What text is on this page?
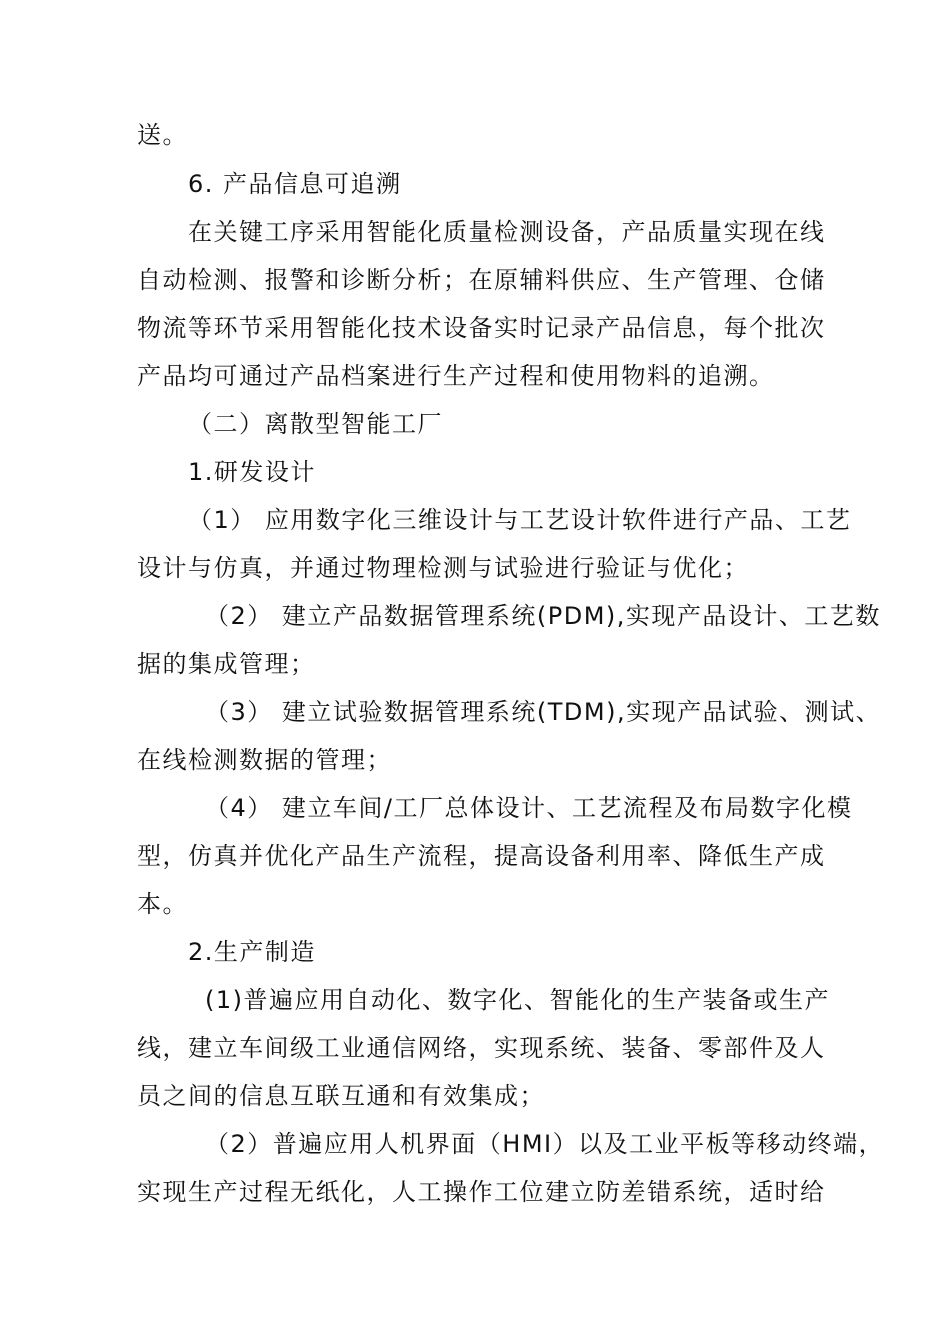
送。
6. 产品信息可追溯
在关键工序采用智能化质量检测设备，产品质量实现在线
自动检测、报警和诊断分析；在原辅料供应、生产管理、仓储
物流等环节采用智能化技术设备实时记录产品信息，每个批次
产品均可通过产品档案进行生产过程和使用物料的追溯。
（二）离散型智能工厂
1.研发设计
（1） 应用数字化三维设计与工艺设计软件进行产品、工艺
设计与仿真，并通过物理检测与试验进行验证与优化；
（2） 建立产品数据管理系统(PDM),实现产品设计、工艺数
据的集成管理；
（3） 建立试验数据管理系统(TDM),实现产品试验、测试、
在线检测数据的管理；
（4） 建立车间/工厂总体设计、工艺流程及布局数字化模
型，仿真并优化产品生产流程，提高设备利用率、降低生产成
本。
2.生产制造
(1)普遍应用自动化、数字化、智能化的生产装备或生产
线，建立车间级工业通信网络，实现系统、装备、零部件及人
员之间的信息互联互通和有效集成；
（2）普遍应用人机界面（HMI）以及工业平板等移动终端，
实现生产过程无纸化，人工操作工位建立防差错系统，适时给
